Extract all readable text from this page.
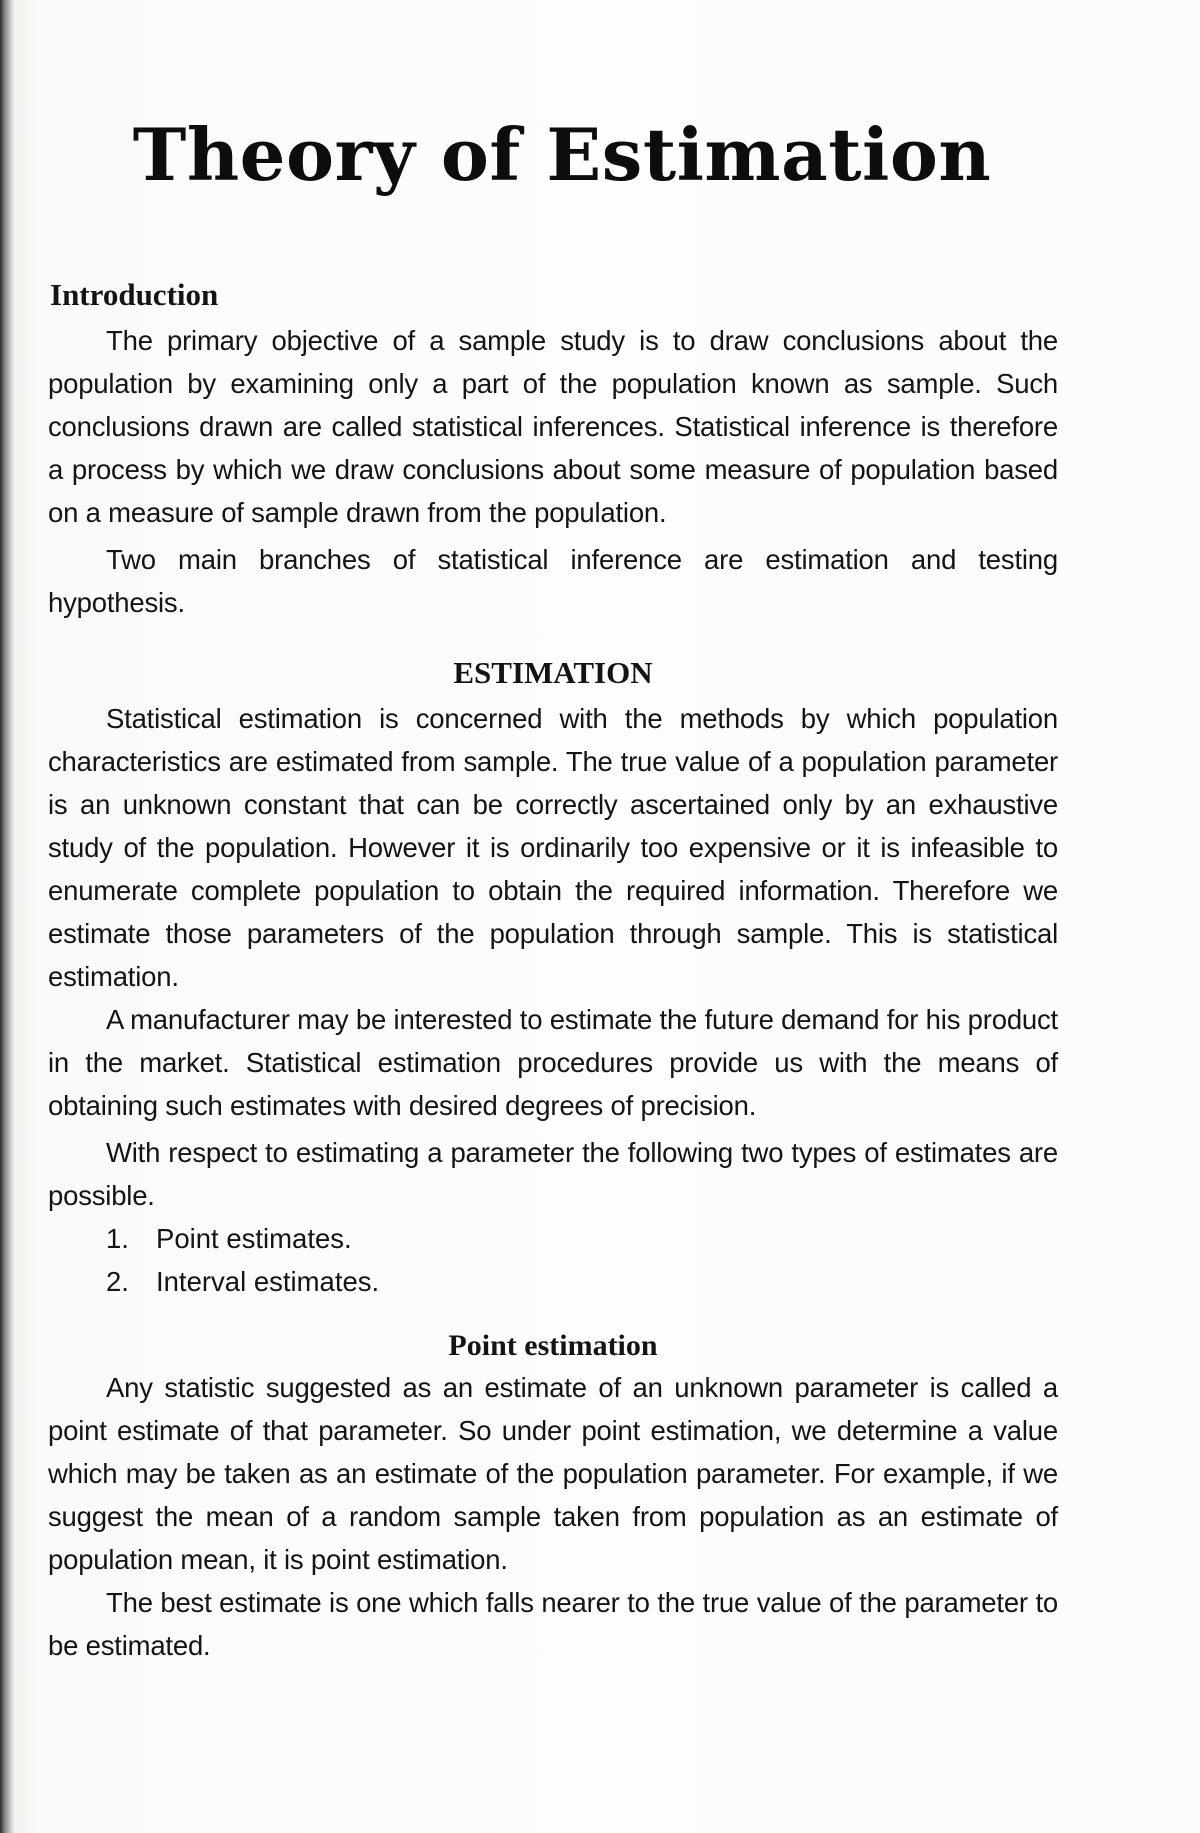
Theory of Estimation
Introduction

The primary objective of a sample study is to draw conclusions about the population by examining only a part of the population known as sample. Such conclusions drawn are called statistical inferences. Statistical inference is therefore a process by which we draw conclusions about some measure of population based on a measure of sample drawn from the population.

Two main branches of statistical inference are estimation and testing hypothesis.

ESTIMATION

Statistical estimation is concerned with the methods by which population characteristics are estimated from sample. The true value of a population parameter is an unknown constant that can be correctly ascertained only by an exhaustive study of the population. However it is ordinarily too expensive or it is infeasible to enumerate complete population to obtain the required information. Therefore we estimate those parameters of the population through sample. This is statistical estimation.

A manufacturer may be interested to estimate the future demand for his product in the market. Statistical estimation procedures provide us with the means of obtaining such estimates with desired degrees of precision.

With respect to estimating a parameter the following two types of estimates are possible.

1. Point estimates.
2. Interval estimates.
Point estimation

Any statistic suggested as an estimate of an unknown parameter is called a point estimate of that parameter. So under point estimation, we determine a value which may be taken as an estimate of the population parameter. For example, if we suggest the mean of a random sample taken from population as an estimate of population mean, it is point estimation.

The best estimate is one which falls nearer to the true value of the parameter to be estimated.
